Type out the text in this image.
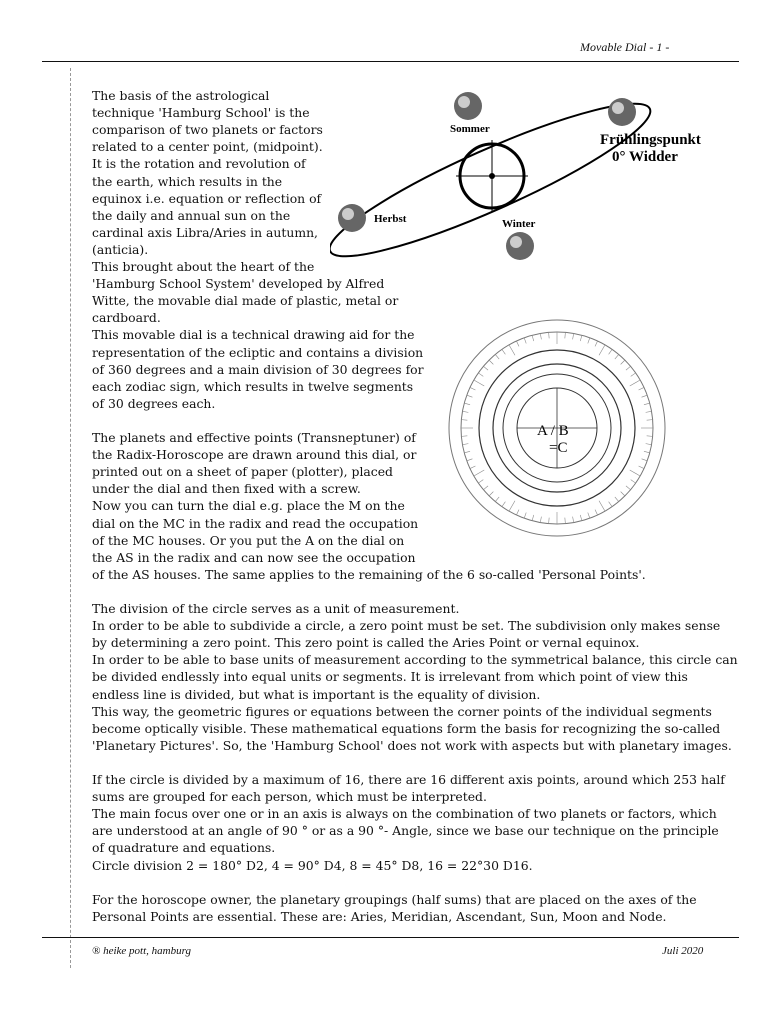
Movable Dial - 1 -
Sommer
Herbst	Winter
Frühlingspunkt
0° Widder
A / B
=C
The basis of the astrological
technique 'Hamburg School' is the
comparison of two planets or factors
related to a center point, (midpoint).
It is the rotation and revolution of
the earth, which results in the
equinox i.e. equation or reflection of
the daily and annual sun on the
cardinal axis Libra/Aries in autumn,
(anticia).
This brought about the heart of the
'Hamburg School System' developed by Alfred
Witte, the movable dial made of plastic, metal or
cardboard.
This movable dial is a technical drawing aid for the
representation of the ecliptic and contains a division
of 360 degrees and a main division of 30 degrees for
each zodiac sign, which results in twelve segments
of 30 degrees each.
The planets and effective points (Transneptuner) of
the Radix-Horoscope are drawn around this dial, or
printed out on a sheet of paper (plotter), placed
under the dial and then fixed with a screw.
Now you can turn the dial e.g. place the M on the
dial on the MC in the radix and read the occupation
of the MC houses. Or you put the A on the dial on
the AS in the radix and can now see the occupation
of the AS houses. The same applies to the remaining of the 6 so-called 'Personal Points'.
The division of the circle serves as a unit of measurement.
In order to be able to subdivide a circle, a zero point must be set. The subdivision only makes sense
by determining a zero point. This zero point is called the Aries Point or vernal equinox.
In order to be able to base units of measurement according to the symmetrical balance, this circle can
be divided endlessly into equal units or segments. It is irrelevant from which point of view this
endless line is divided, but what is important is the equality of division.
This way, the geometric figures or equations between the corner points of the individual segments
become optically visible. These mathematical equations form the basis for recognizing the so-called
'Planetary Pictures'. So, the 'Hamburg School' does not work with aspects but with planetary images.
If the circle is divided by a maximum of 16, there are 16 different axis points, around which 253 half
sums are grouped for each person, which must be interpreted.
The main focus over one or in an axis is always on the combination of two planets or factors, which
are understood at an angle of 90 ° or as a 90 °- Angle, since we base our technique on the principle
of quadrature and equations.
Circle division 2 = 180° D2, 4 = 90° D4, 8 = 45° D8, 16 = 22°30 D16.
For the horoscope owner, the planetary groupings (half sums) that are placed on the axes of the
Personal Points are essential. These are: Aries, Meridian, Ascendant, Sun, Moon and Node.
® heike pott, hamburg	Juli 2020
